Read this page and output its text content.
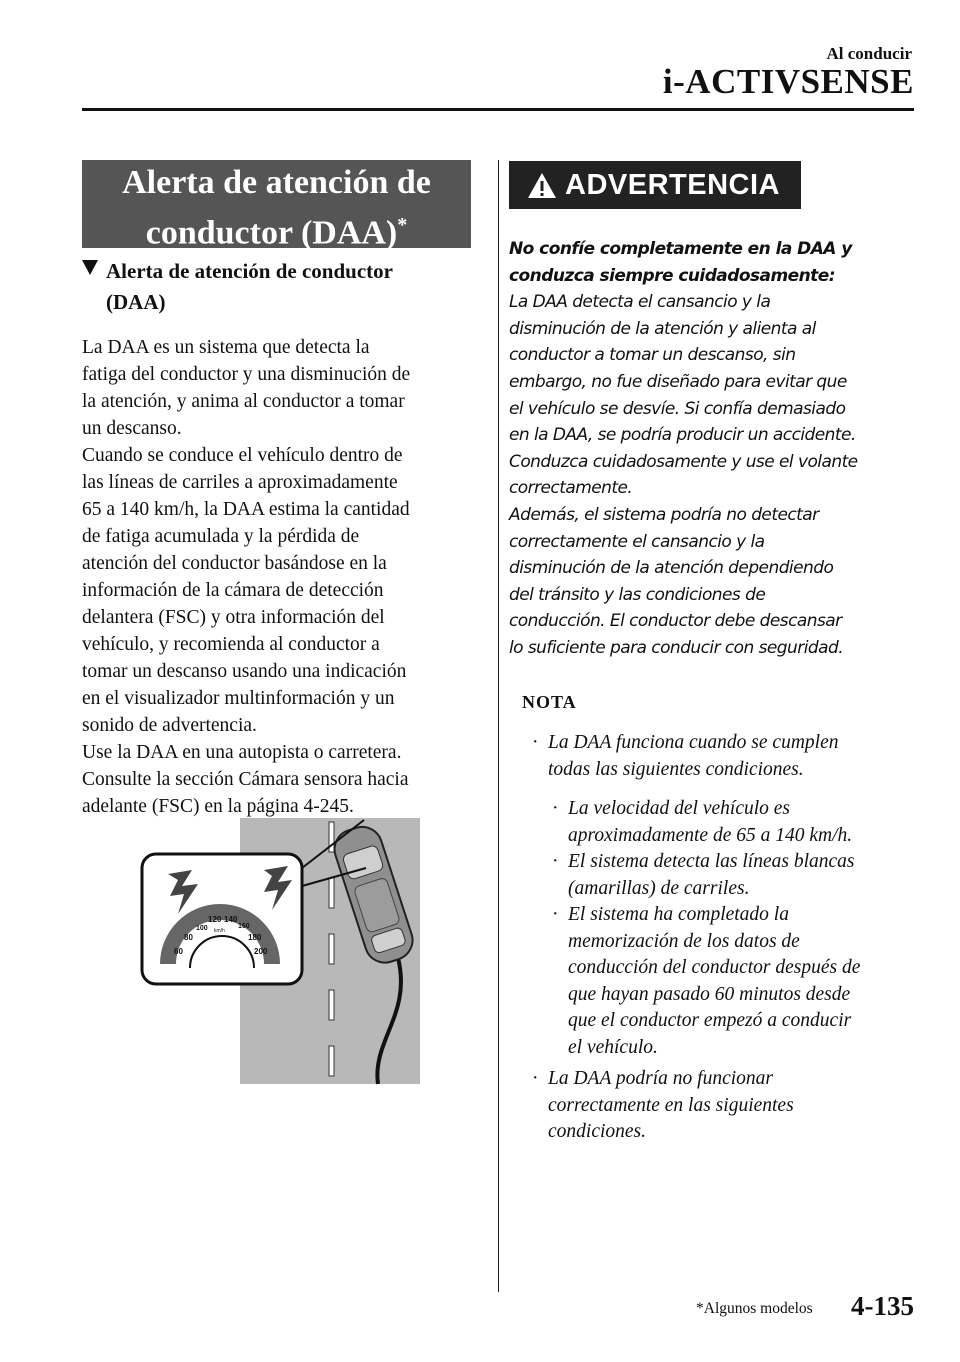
Al conducir
i-ACTIVSENSE
Alerta de atención de
conductor (DAA)*
Alerta de atención de conductor
(DAA)
La DAA es un sistema que detecta la
fatiga del conductor y una disminución de
la atención, y anima al conductor a tomar
un descanso.
Cuando se conduce el vehículo dentro de
las líneas de carriles a aproximadamente
65 a 140 km/h, la DAA estima la cantidad
de fatiga acumulada y la pérdida de
atención del conductor basándose en la
información de la cámara de detección
delantera (FSC) y otra información del
vehículo, y recomienda al conductor a
tomar un descanso usando una indicación
en el visualizador multinformación y un
sonido de advertencia.
Use la DAA en una autopista o carretera.
Consulte la sección Cámara sensora hacia
adelante (FSC) en la página 4-245.
60
80
100
120 140
160
180
200
km/h
ADVERTENCIA
No confíe completamente en la DAA y
conduzca siempre cuidadosamente:
La DAA detecta el cansancio y la
disminución de la atención y alienta al
conductor a tomar un descanso, sin
embargo, no fue diseñado para evitar que
el vehículo se desvíe. Si confía demasiado
en la DAA, se podría producir un accidente.
Conduzca cuidadosamente y use el volante
correctamente.
Además, el sistema podría no detectar
correctamente el cansancio y la
disminución de la atención dependiendo
del tránsito y las condiciones de
conducción. El conductor debe descansar
lo suficiente para conducir con seguridad.
NOTA
· La DAA funciona cuando se cumplen
todas las siguientes condiciones.
· La velocidad del vehículo es
aproximadamente de 65 a 140 km/h.
· El sistema detecta las líneas blancas
(amarillas) de carriles.
· El sistema ha completado la
memorización de los datos de
conducción del conductor después de
que hayan pasado 60 minutos desde
que el conductor empezó a conducir
el vehículo.
· La DAA podría no funcionar
correctamente en las siguientes
condiciones.
*Algunos modelos 4-135
